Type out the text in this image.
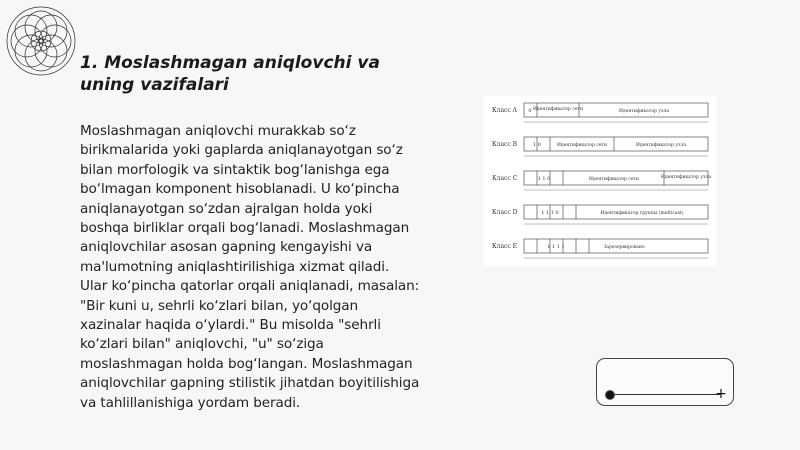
1. Moslashmagan aniqlovchi va uning vazifalari

Moslashmagan aniqlovchi murakkab so‘z birikmalarida yoki gaplarda aniqlanayotgan so‘z bilan morfologik va sintaktik bog‘lanishga ega bo‘lmagan komponent hisoblanadi. U ko‘pincha aniqlanayotgan so‘zdan ajralgan holda yoki boshqa birliklar orqali bog‘lanadi. Moslashmagan aniqlovchilar asosan gapning kengayishi va ma'lumotning aniqlashtirilishiga xizmat qiladi. Ular ko‘pincha qatorlar orqali aniqlanadi, masalan: "Bir kuni u, sehrli ko‘zlari bilan, yo‘qolgan xazinalar haqida o‘ylardi." Bu misolda "sehrli ko‘zlari bilan" aniqlovchi, "u" so‘ziga moslashmagan holda bog‘langan. Moslashmagan aniqlovchilar gapning stilistik jihatdan boyitilishiga va tahlillanishiga yordam beradi.

Класс A 0 Идентификатор сети	Идентификатор узла
Класс B	1 0	Идентификатор сети	Идентификатор узла
Класс C	1 1 0	Идентификатор сети	Идентификатор узла
Класс D	1 1 1 0	Идентификатор группы (multicast)
Класс E	1 1 1 1	Зарезервировано
+
